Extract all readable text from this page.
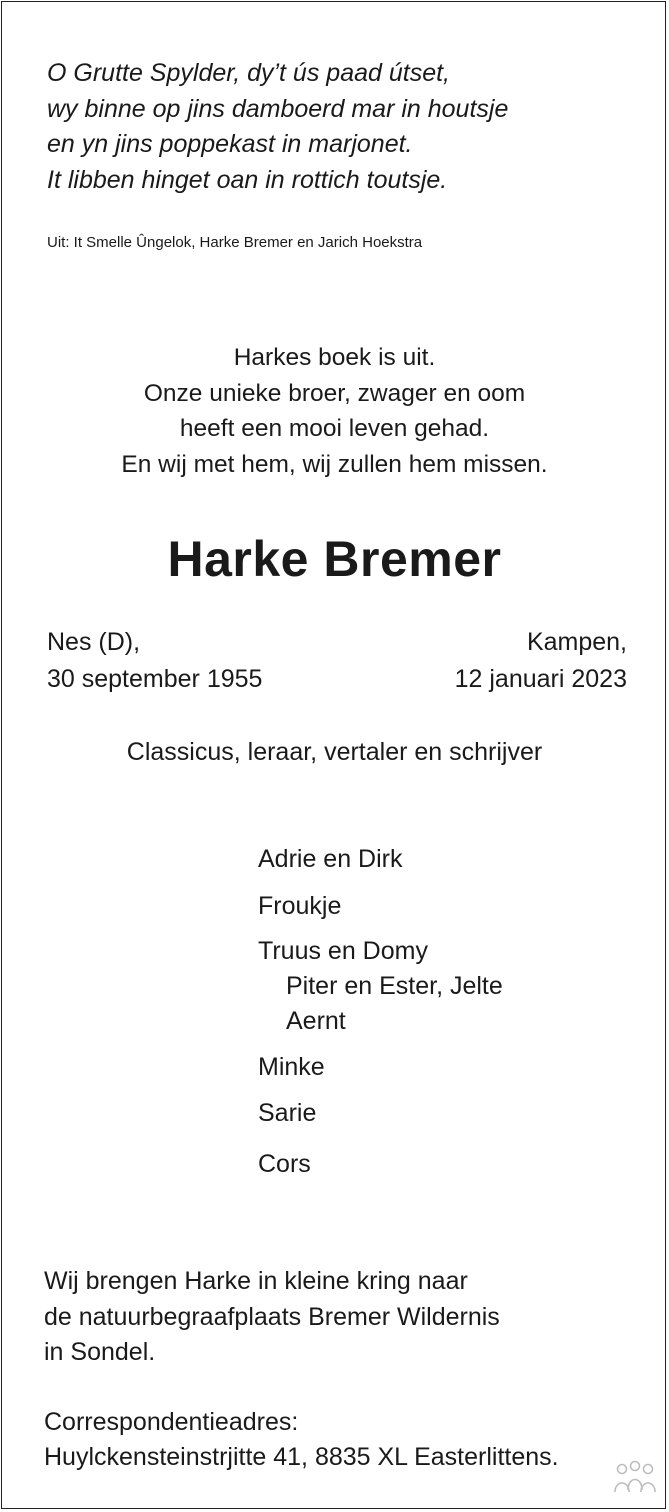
O Grutte Spylder, dy’t ús paad útset,
wy binne op jins damboerd mar in houtsje
en yn jins poppekast in marjonet.
It libben hinget oan in rottich toutsje.
Uit: It Smelle Ûngelok, Harke Bremer en Jarich Hoekstra
Harkes boek is uit.
Onze unieke broer, zwager en oom
heeft een mooi leven gehad.
En wij met hem, wij zullen hem missen.
Harke Bremer
Nes (D),
30 september 1955
Kampen,
12 januari 2023
Classicus, leraar, vertaler en schrijver
Adrie en Dirk
Froukje
Truus en Domy
Piter en Ester, Jelte
Aernt
Minke
Sarie
Cors
Wij brengen Harke in kleine kring naar
de natuurbegraafplaats Bremer Wildernis
in Sondel.
Correspondentieadres:
Huylckensteinstrjitte 41, 8835 XL Easterlittens.
